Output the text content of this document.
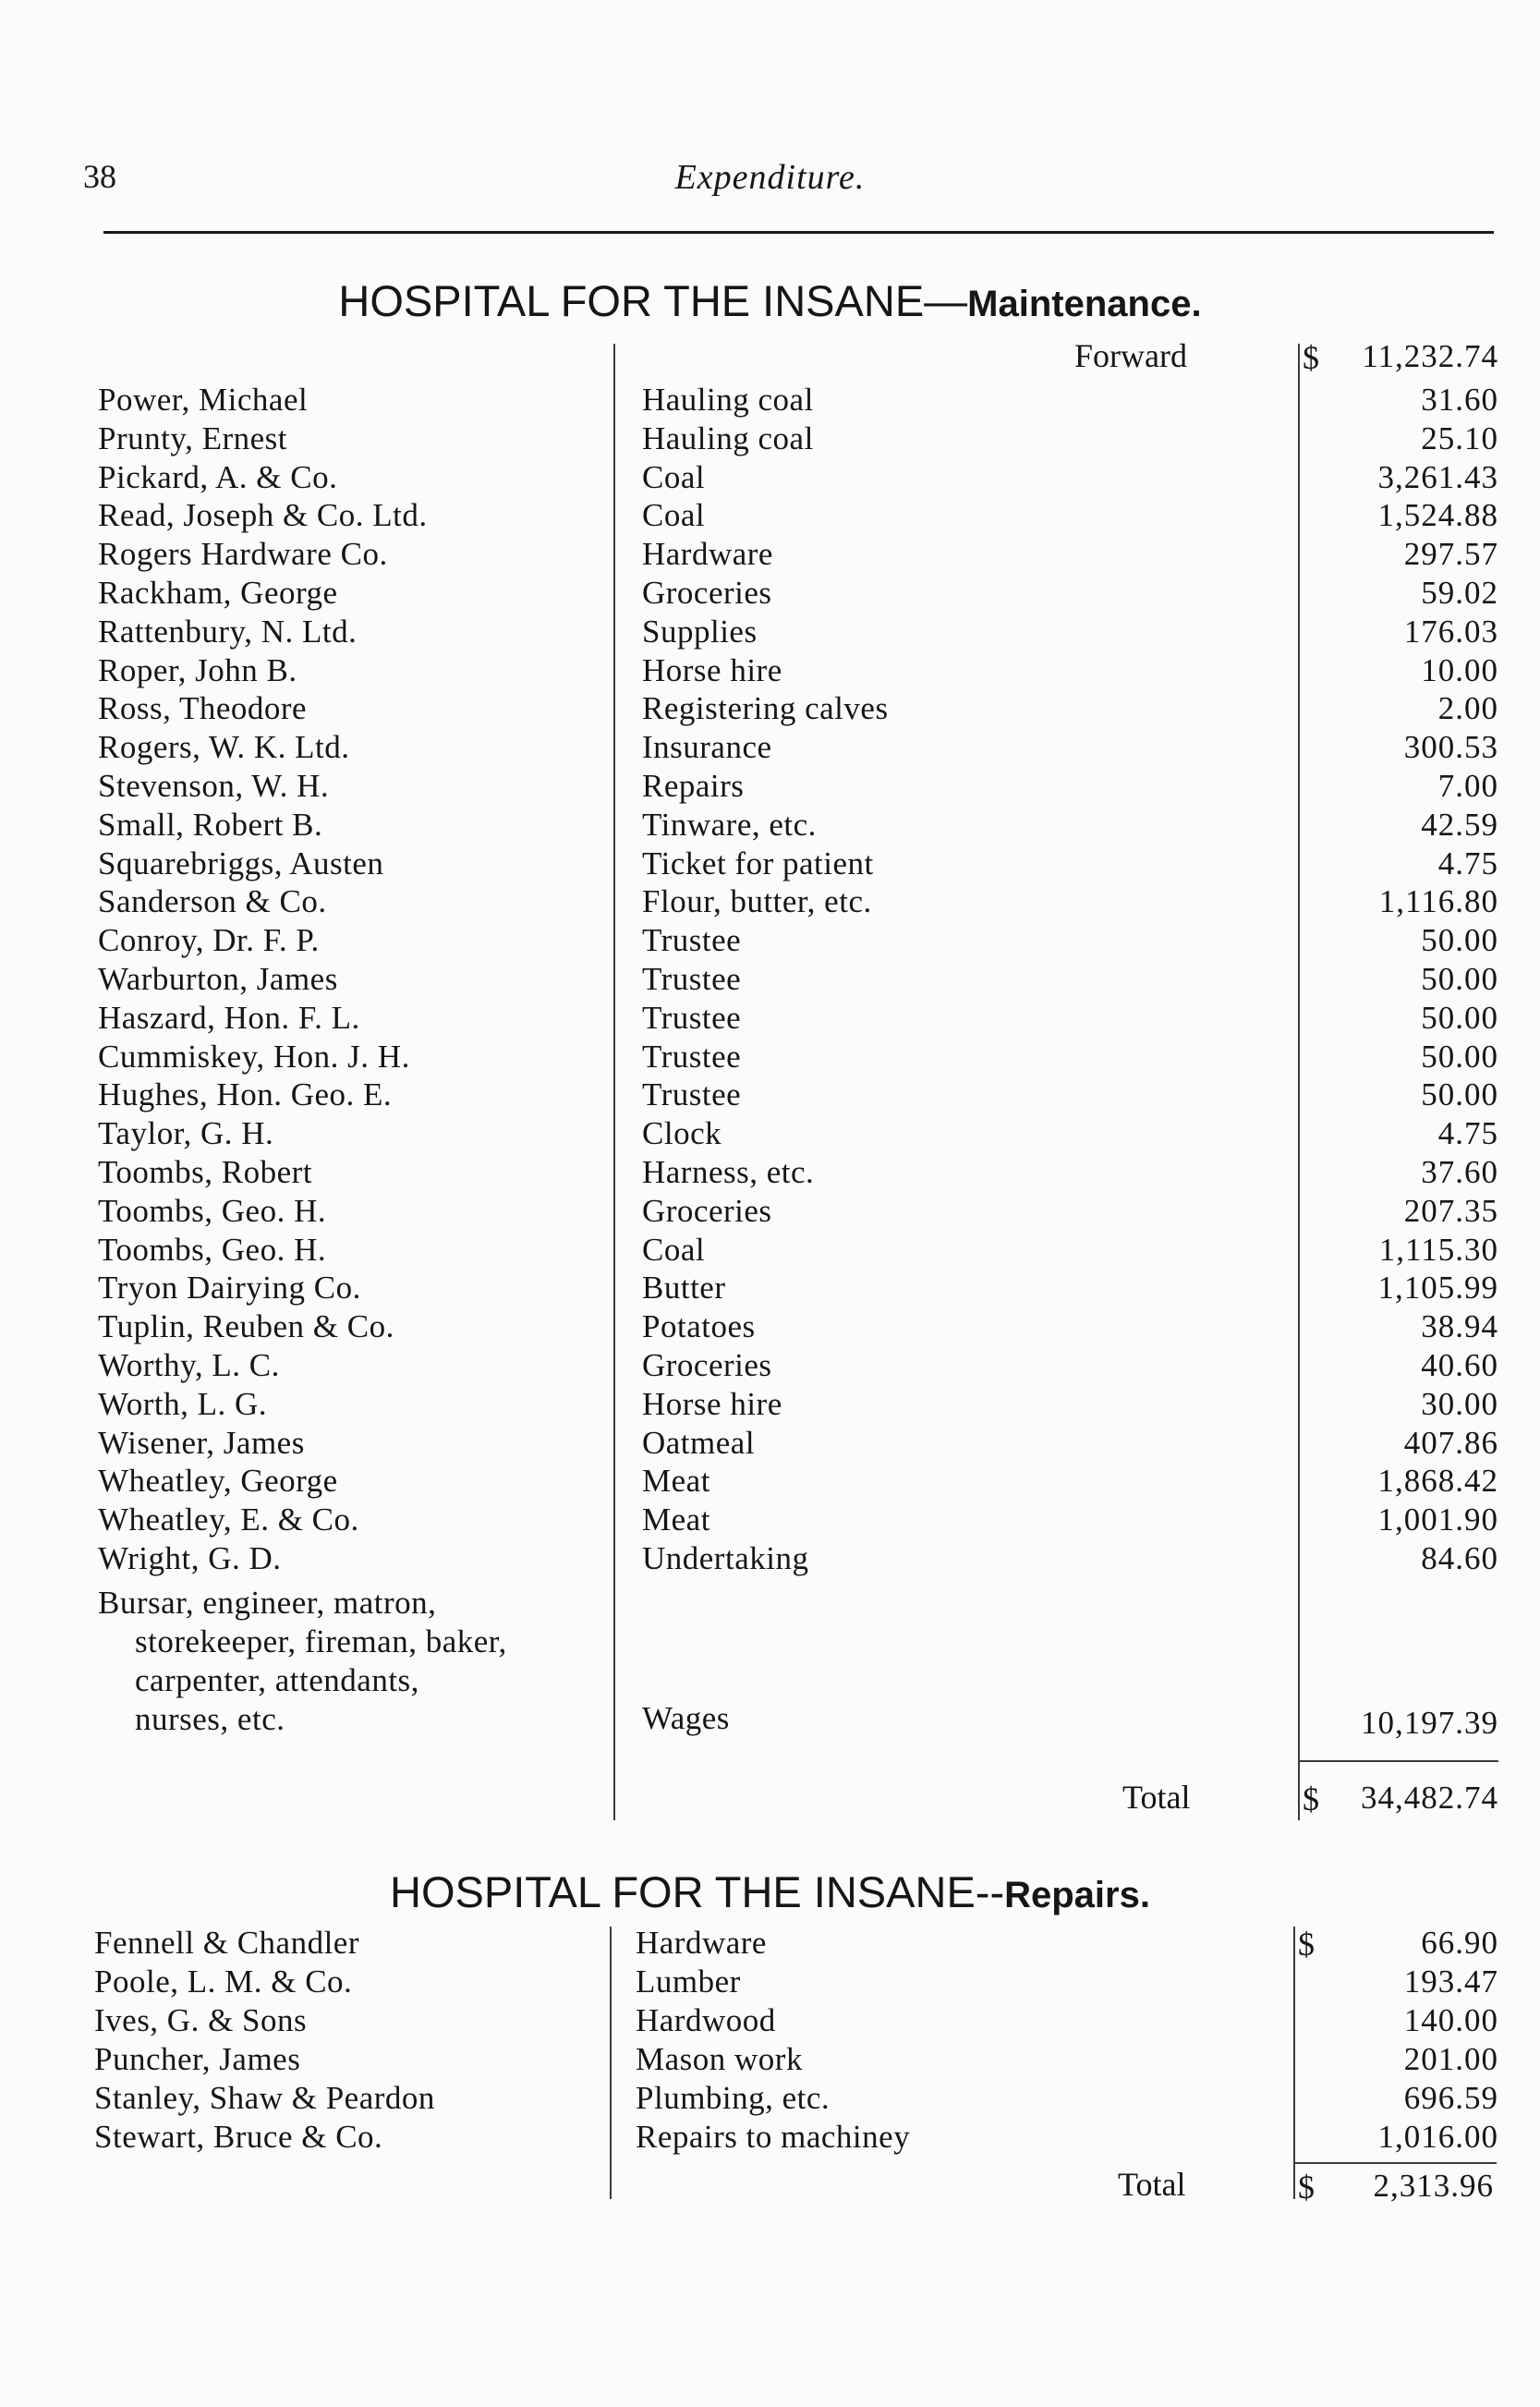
38	Expenditure.
HOSPITAL FOR THE INSANE—Maintenance.
Forward	$ 11,232.74
Power, Michael	Hauling coal	31.60
Prunty, Ernest	Hauling coal	25.10
Pickard, A. & Co.	Coal	3,261.43
Read, Joseph & Co. Ltd.	Coal	1,524.88
Rogers Hardware Co.	Hardware	297.57
Rackham, George	Groceries	59.02
Rattenbury, N. Ltd.	Supplies	176.03
Roper, John B.	Horse hire	10.00
Ross, Theodore	Registering calves	2.00
Rogers, W. K. Ltd.	Insurance	300.53
Stevenson, W. H.	Repairs	7.00
Small, Robert B.	Tinware, etc.	42.59
Squarebriggs, Austen	Ticket for patient	4.75
Sanderson & Co.	Flour, butter, etc.	1,116.80
Conroy, Dr. F. P.	Trustee	50.00
Warburton, James	Trustee	50.00
Haszard, Hon. F. L.	Trustee	50.00
Cummiskey, Hon. J. H.	Trustee	50.00
Hughes, Hon. Geo. E.	Trustee	50.00
Taylor, G. H.	Clock	4.75
Toombs, Robert	Harness, etc.	37.60
Toombs, Geo. H.	Groceries	207.35
Toombs, Geo. H.	Coal	1,115.30
Tryon Dairying Co.	Butter	1,105.99
Tuplin, Reuben & Co.	Potatoes	38.94
Worthy, L. C.	Groceries	40.60
Worth, L. G.	Horse hire	30.00
Wisener, James	Oatmeal	407.86
Wheatley, George	Meat	1,868.42
Wheatley, E. & Co.	Meat	1,001.90
Wright, G. D.	Undertaking	84.60
Bursar, engineer, matron,
storekeeper, fireman, baker,
carpenter, attendants,
nurses, etc.	Wages	10,197.39
Total	$ 34,482.74
HOSPITAL FOR THE INSANE--Repairs.
$
Fennell & Chandler	Hardware	66.90
Poole, L. M. & Co.	Lumber	193.47
Ives, G. & Sons	Hardwood	140.00
Puncher, James	Mason work	201.00
Stanley, Shaw & Peardon	Plumbing, etc.	696.59
Stewart, Bruce & Co.	Repairs to machiney	1,016.00
Total	$ 2,313.96
